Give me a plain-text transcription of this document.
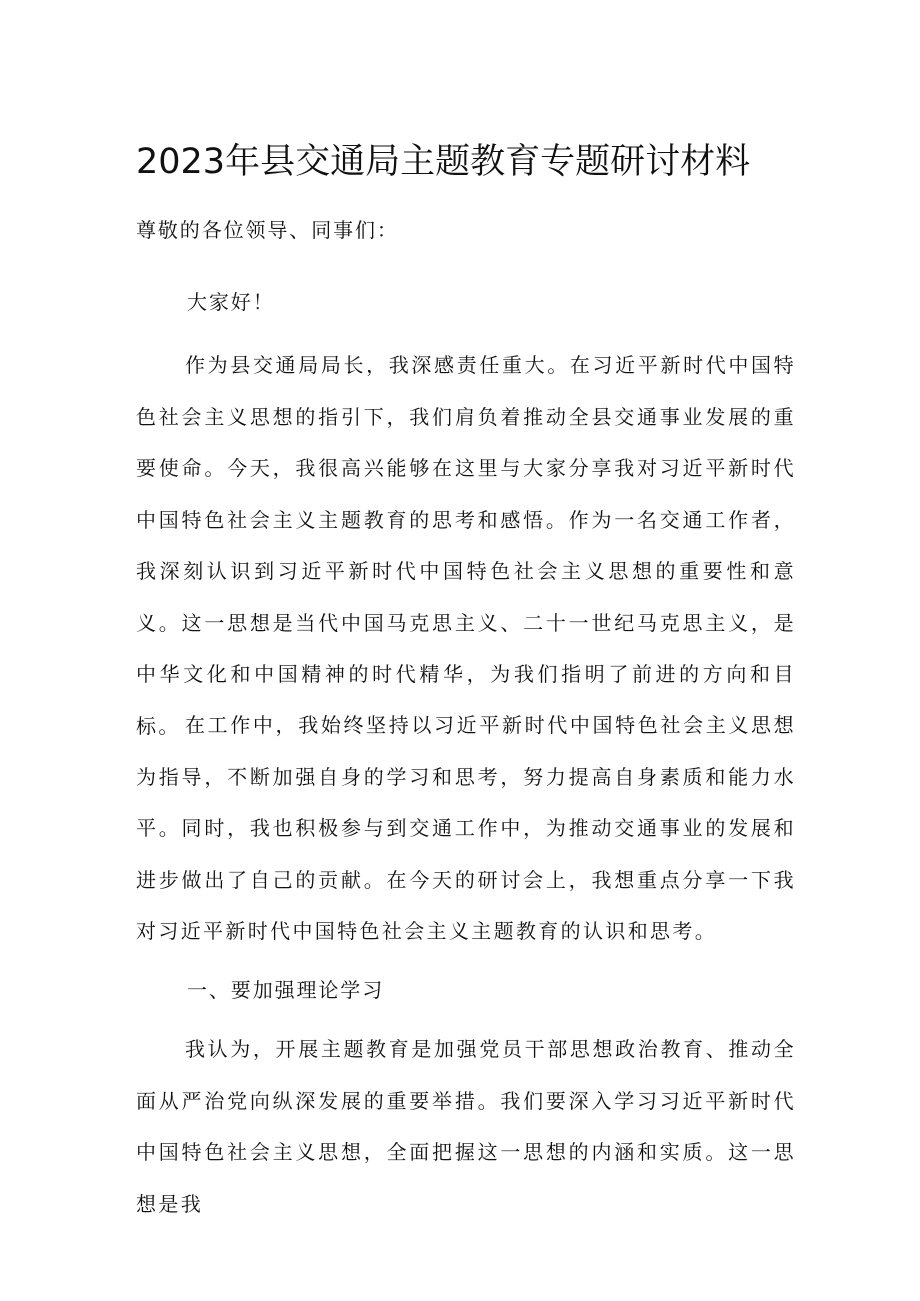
2023年县交通局主题教育专题研讨材料
尊敬的各位领导、同事们：
大家好！

作为县交通局局长，我深感责任重大。在习近平新时代中国特色社会主义思想的指引下，我们肩负着推动全县交通事业发展的重要使命。今天，我很高兴能够在这里与大家分享我对习近平新时代中国特色社会主义主题教育的思考和感悟。作为一名交通工作者，我深刻认识到习近平新时代中国特色社会主义思想的重要性和意义。这一思想是当代中国马克思主义、二十一世纪马克思主义，是中华文化和中国精神的时代精华，为我们指明了前进的方向和目标。 在工作中，我始终坚持以习近平新时代中国特色社会主义思想为指导，不断加强自身的学习和思考，努力提高自身素质和能力水平。同时，我也积极参与到交通工作中，为推动交通事业的发展和进步做出了自己的贡献。在今天的研讨会上，我想重点分享一下我对习近平新时代中国特色社会主义主题教育的认识和思考。

一、要加强理论学习

我认为，开展主题教育是加强党员干部思想政治教育、推动全面从严治党向纵深发展的重要举措。我们要深入学习习近平新时代中国特色社会主义思想，全面把握这一思想的内涵和实质。这一思想是我
